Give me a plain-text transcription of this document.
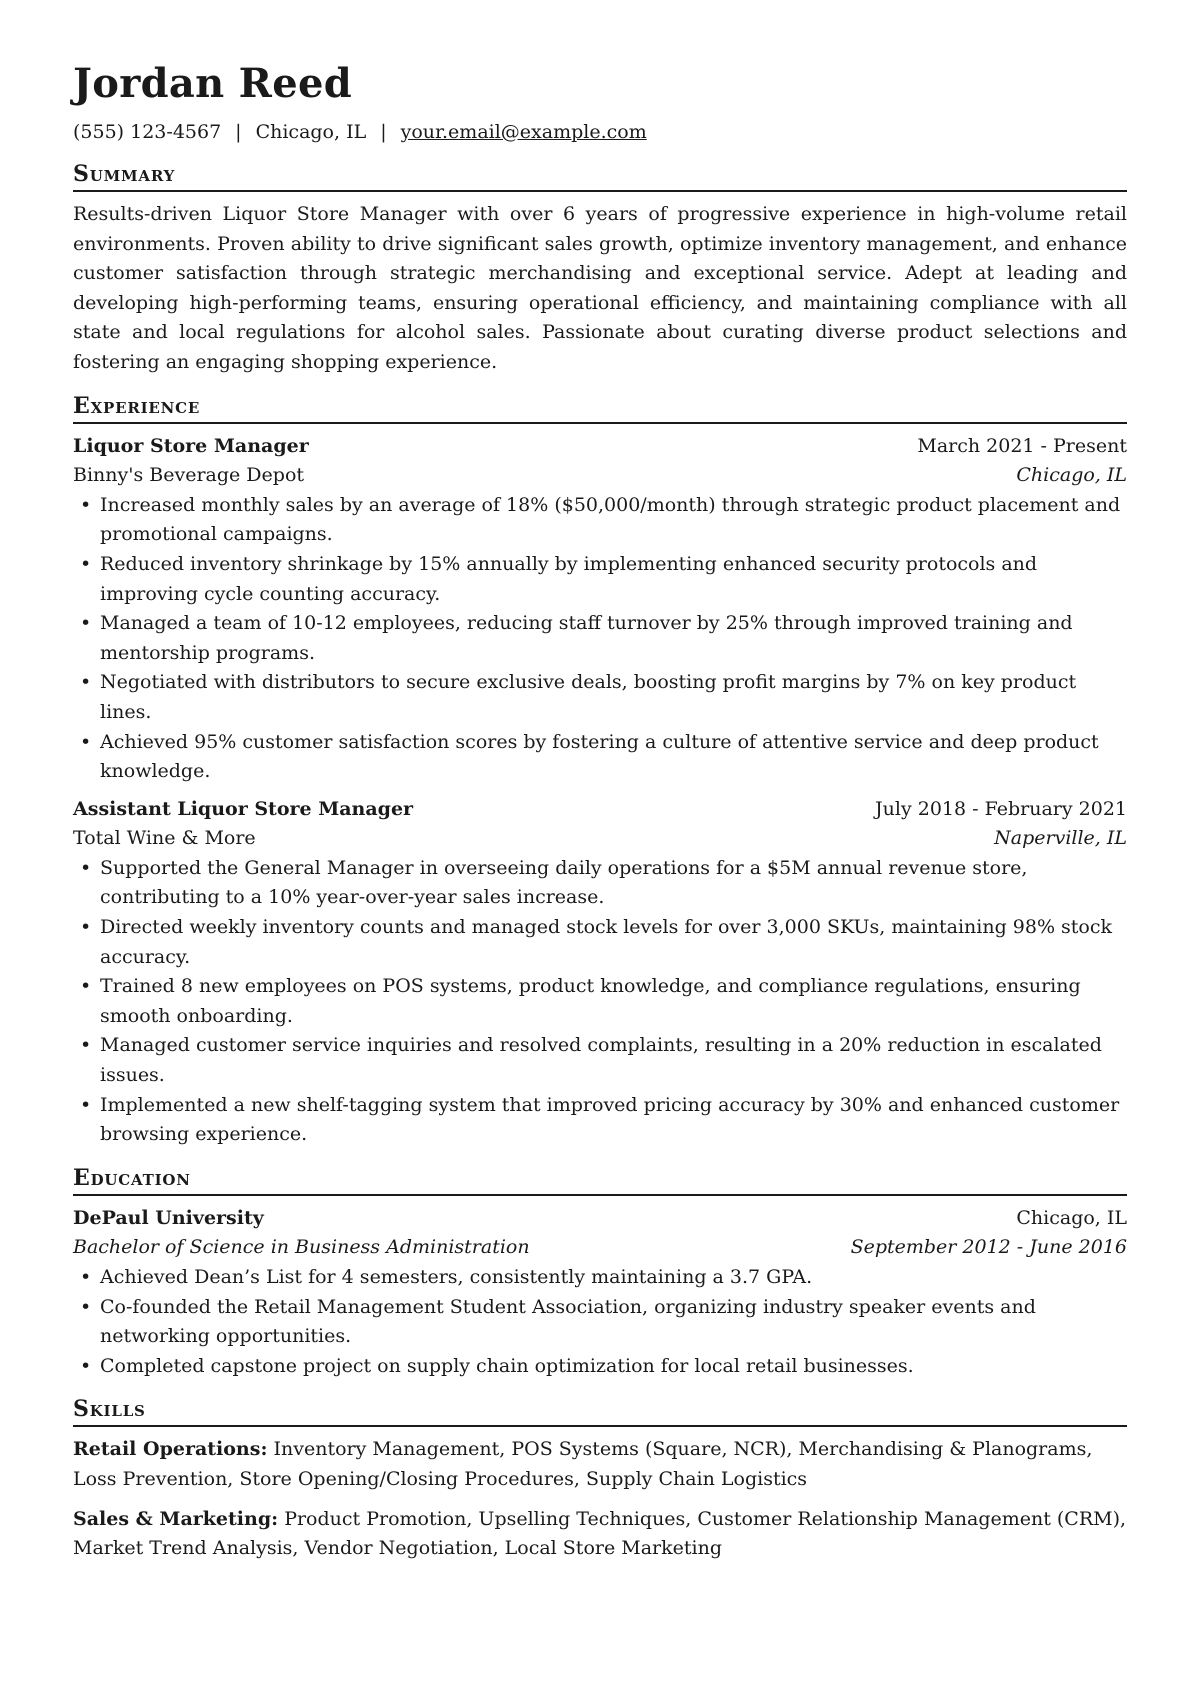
Jordan Reed
(555) 123-4567 | Chicago, IL | your.email@example.com
Summary
Results-driven Liquor Store Manager with over 6 years of progressive experience in high-volume retail environments. Proven ability to drive significant sales growth, optimize inventory management, and enhance customer satisfaction through strategic merchandising and exceptional service. Adept at leading and developing high-performing teams, ensuring operational efficiency, and maintaining compliance with all state and local regulations for alcohol sales. Passionate about curating diverse product selections and fostering an engaging shopping experience.
Experience
Liquor Store Manager	March 2021 - Present
Binny's Beverage Depot	Chicago, IL
• Increased monthly sales by an average of 18% ($50,000/month) through strategic product placement and promotional campaigns.
• Reduced inventory shrinkage by 15% annually by implementing enhanced security protocols and improving cycle counting accuracy.
• Managed a team of 10-12 employees, reducing staff turnover by 25% through improved training and mentorship programs.
• Negotiated with distributors to secure exclusive deals, boosting profit margins by 7% on key product lines.
• Achieved 95% customer satisfaction scores by fostering a culture of attentive service and deep product knowledge.
Assistant Liquor Store Manager	July 2018 - February 2021
Total Wine & More	Naperville, IL
• Supported the General Manager in overseeing daily operations for a $5M annual revenue store, contributing to a 10% year-over-year sales increase.
• Directed weekly inventory counts and managed stock levels for over 3,000 SKUs, maintaining 98% stock accuracy.
• Trained 8 new employees on POS systems, product knowledge, and compliance regulations, ensuring smooth onboarding.
• Managed customer service inquiries and resolved complaints, resulting in a 20% reduction in escalated issues.
• Implemented a new shelf-tagging system that improved pricing accuracy by 30% and enhanced customer browsing experience.
Education
DePaul University	Chicago, IL
Bachelor of Science in Business Administration	September 2012 - June 2016
• Achieved Dean’s List for 4 semesters, consistently maintaining a 3.7 GPA.
• Co-founded the Retail Management Student Association, organizing industry speaker events and networking opportunities.
• Completed capstone project on supply chain optimization for local retail businesses.
Skills
Retail Operations: Inventory Management, POS Systems (Square, NCR), Merchandising & Planograms, Loss Prevention, Store Opening/Closing Procedures, Supply Chain Logistics
Sales & Marketing: Product Promotion, Upselling Techniques, Customer Relationship Management (CRM), Market Trend Analysis, Vendor Negotiation, Local Store Marketing
